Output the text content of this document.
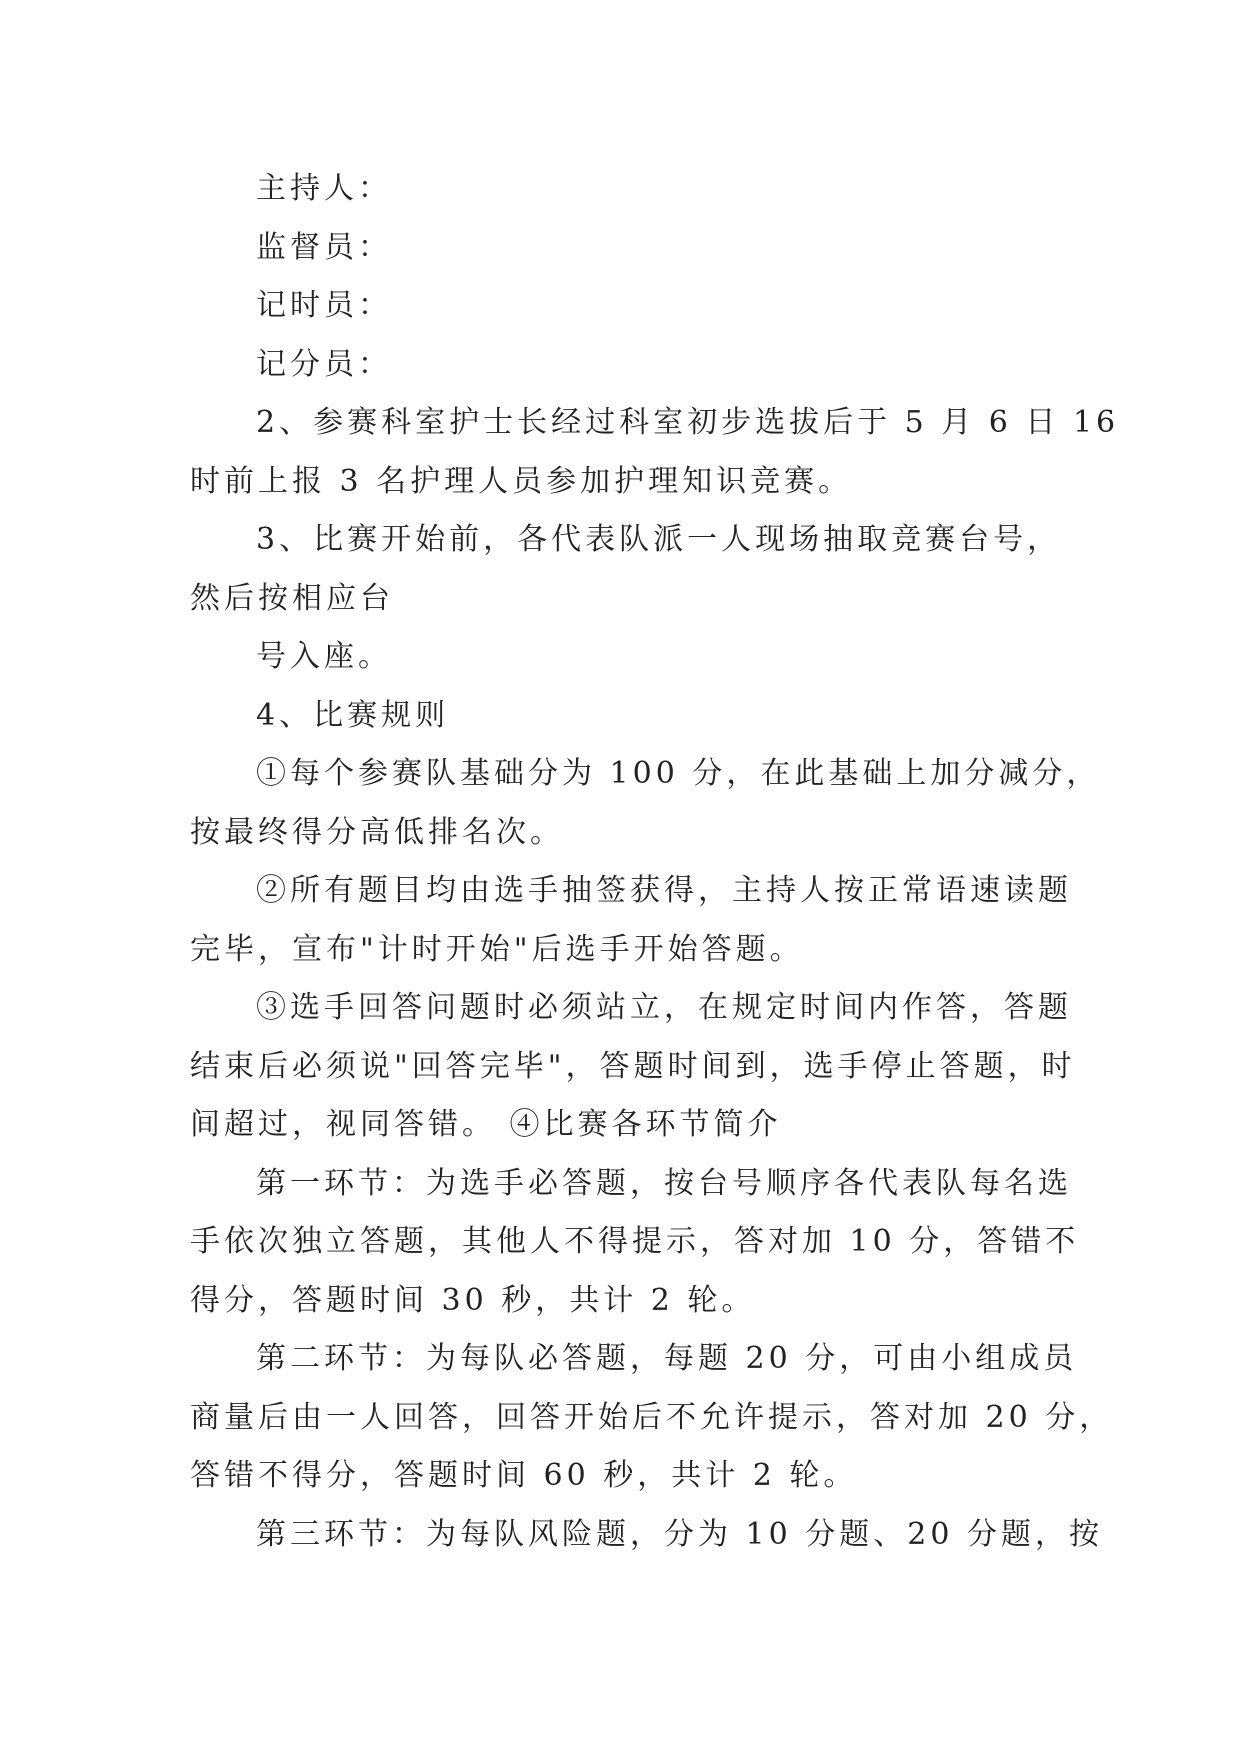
主持人：
监督员：
记时员：
记分员：
2、参赛科室护士长经过科室初步选拔后于 5 月 6 日 16
时前上报 3 名护理人员参加护理知识竞赛。
3、比赛开始前，各代表队派一人现场抽取竞赛台号，
然后按相应台
号入座。
4、比赛规则
①每个参赛队基础分为 100 分，在此基础上加分减分，
按最终得分高低排名次。
②所有题目均由选手抽签获得，主持人按正常语速读题
完毕，宣布"计时开始"后选手开始答题。
③选手回答问题时必须站立，在规定时间内作答，答题
结束后必须说"回答完毕"，答题时间到，选手停止答题，时
间超过，视同答错。 ④比赛各环节简介
第一环节：为选手必答题，按台号顺序各代表队每名选
手依次独立答题，其他人不得提示，答对加 10 分，答错不
得分，答题时间 30 秒，共计 2 轮。
第二环节：为每队必答题，每题 20 分，可由小组成员
商量后由一人回答，回答开始后不允许提示，答对加 20 分，
答错不得分，答题时间 60 秒，共计 2 轮。
第三环节：为每队风险题，分为 10 分题、20 分题，按
